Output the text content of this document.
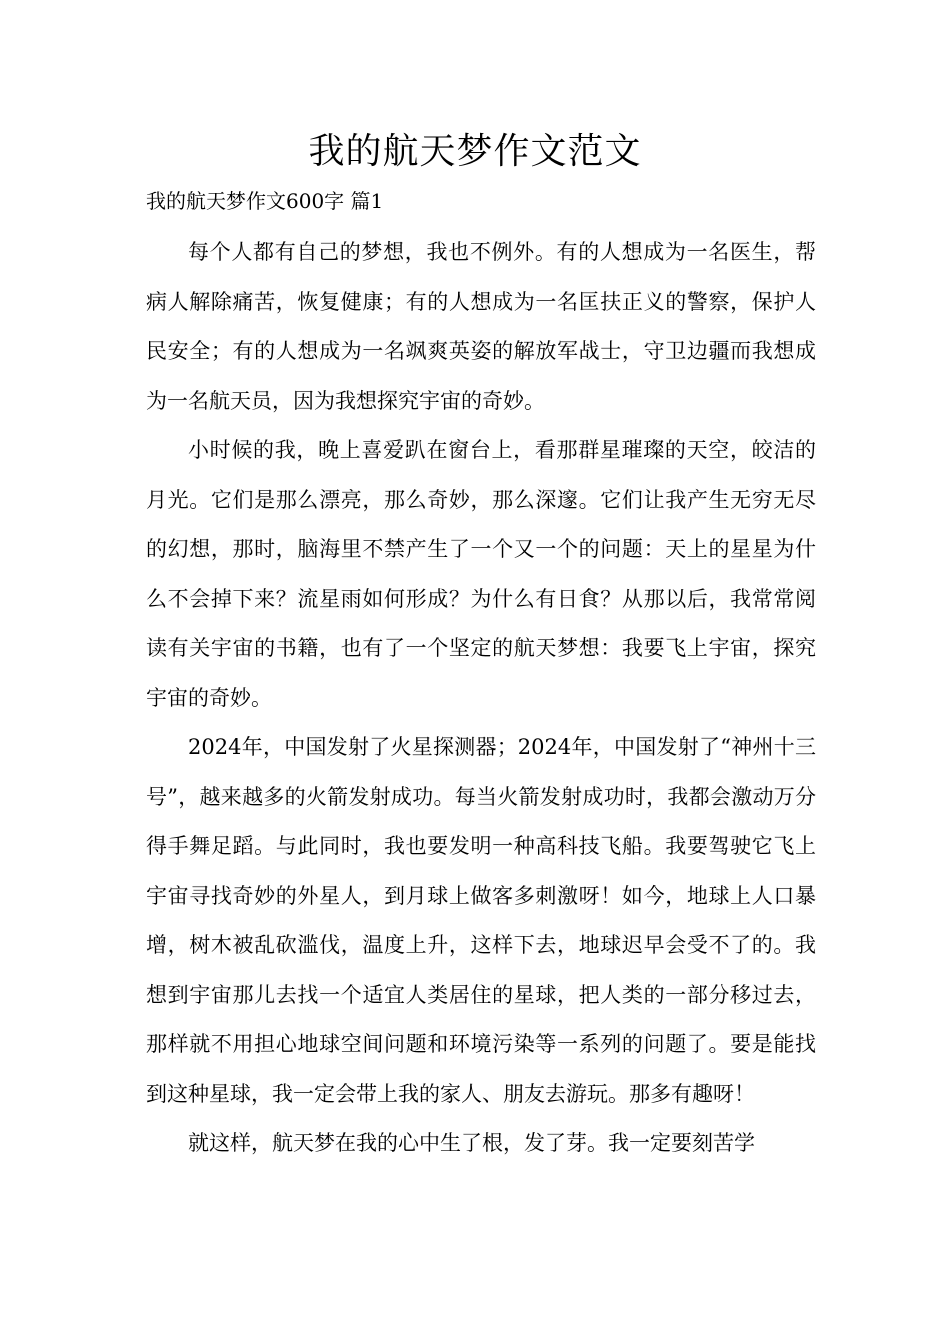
我的航天梦作文范文
我的航天梦作文600字 篇1

每个人都有自己的梦想，我也不例外。有的人想成为一名医生，帮病人解除痛苦，恢复健康；有的人想成为一名匡扶正义的警察，保护人民安全；有的人想成为一名飒爽英姿的解放军战士，守卫边疆而我想成为一名航天员，因为我想探究宇宙的奇妙。

小时候的我，晚上喜爱趴在窗台上，看那群星璀璨的天空，皎洁的月光。它们是那么漂亮，那么奇妙，那么深邃。它们让我产生无穷无尽的幻想，那时，脑海里不禁产生了一个又一个的问题：天上的星星为什么不会掉下来？流星雨如何形成？为什么有日食？从那以后，我常常阅读有关宇宙的书籍，也有了一个坚定的航天梦想：我要飞上宇宙，探究宇宙的奇妙。

2024年，中国发射了火星探测器；2024年，中国发射了“神州十三号”，越来越多的火箭发射成功。每当火箭发射成功时，我都会激动万分得手舞足蹈。与此同时，我也要发明一种高科技飞船。我要驾驶它飞上宇宙寻找奇妙的外星人，到月球上做客多刺激呀！如今，地球上人口暴增，树木被乱砍滥伐，温度上升，这样下去，地球迟早会受不了的。我想到宇宙那儿去找一个适宜人类居住的星球，把人类的一部分移过去，那样就不用担心地球空间问题和环境污染等一系列的问题了。要是能找到这种星球，我一定会带上我的家人、朋友去游玩。那多有趣呀！

就这样，航天梦在我的心中生了根，发了芽。我一定要刻苦学
